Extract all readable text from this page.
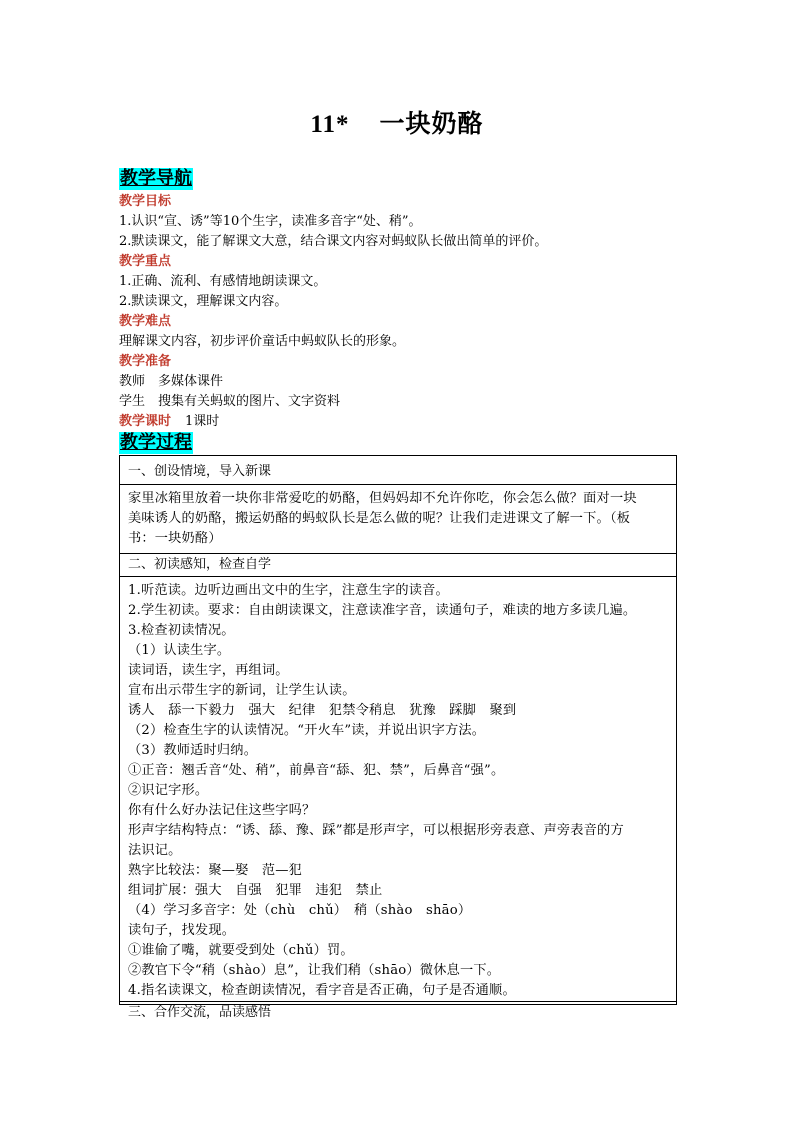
11* 一块奶酪
教学导航
教学目标
1.认识“宣、诱”等10个生字，读准多音字“处、稍”。
2.默读课文，能了解课文大意，结合课文内容对蚂蚁队长做出简单的评价。
教学重点
1.正确、流利、有感情地朗读课文。
2.默读课文，理解课文内容。
教学难点
理解课文内容，初步评价童话中蚂蚁队长的形象。
教学准备
教师　多媒体课件
学生　搜集有关蚂蚁的图片、文字资料
教学课时 1课时
教学过程
一、创设情境，导入新课
家里冰箱里放着一块你非常爱吃的奶酪，但妈妈却不允许你吃，你会怎么做？面对一块
美味诱人的奶酪，搬运奶酪的蚂蚁队长是怎么做的呢？让我们走进课文了解一下。（板
书：一块奶酪）
二、初读感知，检查自学
1.听范读。边听边画出文中的生字，注意生字的读音。
2.学生初读。要求：自由朗读课文，注意读准字音，读通句子，难读的地方多读几遍。
3.检查初读情况。
（1）认读生字。
读词语，读生字，再组词。
宣布出示带生字的新词，让学生认读。
诱人　舔一下毅力　强大　纪律　犯禁令稍息　犹豫　踩脚　聚到
（2）检查生字的认读情况。“开火车”读，并说出识字方法。
（3）教师适时归纳。
①正音：翘舌音“处、稍”，前鼻音“舔、犯、禁”，后鼻音“强”。
②识记字形。
你有什么好办法记住这些字吗？
形声字结构特点：“诱、舔、豫、踩”都是形声字，可以根据形旁表意、声旁表音的方
法识记。
熟字比较法：聚—娶　范—犯
组词扩展：强大　自强　犯罪　违犯　禁止
（4）学习多音字：处（chù　chǔ）　稍（shào　shāo）
读句子，找发现。
①谁偷了嘴，就要受到处（chǔ）罚。
②教官下令“稍（shào）息”，让我们稍（shāo）微休息一下。
4.指名读课文，检查朗读情况，看字音是否正确，句子是否通顺。
三、合作交流，品读感悟
